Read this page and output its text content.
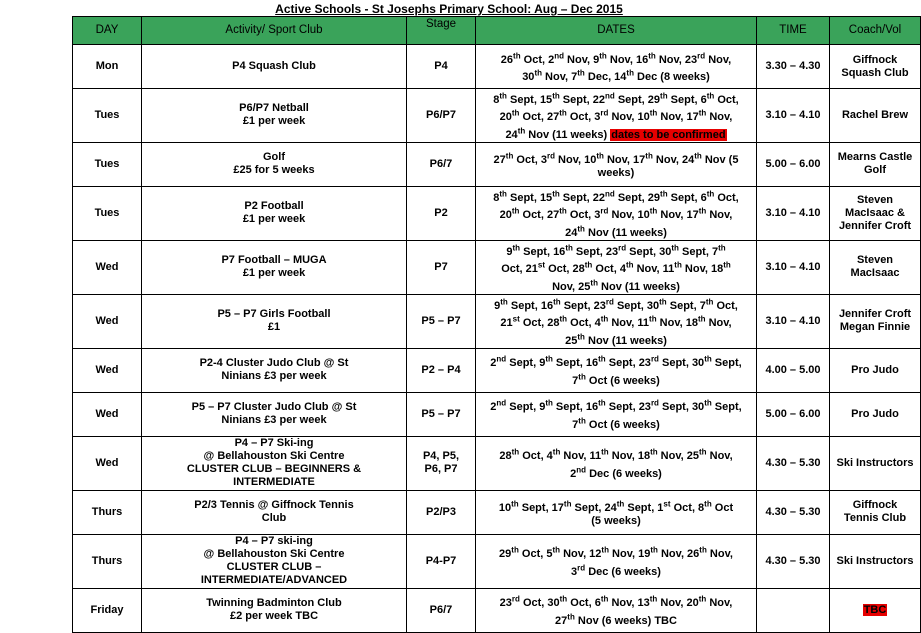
Active Schools - St Josephs Primary School: Aug – Dec 2015
DAY	Activity/ Sport Club	Stage	DATES	TIME	Coach/Vol
Mon	P4 Squash Club	P4	26th Oct, 2nd Nov, 9th Nov, 16th Nov, 23rd Nov,
30th Nov, 7th Dec, 14th Dec (8 weeks)	3.30 – 4.30	Giffnock
Squash Club
Tues	P6/P7 Netball
£1 per week	P6/P7	8th Sept, 15th Sept, 22nd Sept, 29th Sept, 6th Oct,
20th Oct, 27th Oct, 3rd Nov, 10th Nov, 17th Nov,
24th Nov (11 weeks) dates to be confirmed	3.10 – 4.10	Rachel Brew
Tues	Golf
£25 for 5 weeks	P6/7	27th Oct, 3rd Nov, 10th Nov, 17th Nov, 24th Nov (5
weeks)	5.00 – 6.00	Mearns Castle
Golf
Tues	P2 Football
£1 per week	P2	8th Sept, 15th Sept, 22nd Sept, 29th Sept, 6th Oct,
20th Oct, 27th Oct, 3rd Nov, 10th Nov, 17th Nov,
24th Nov (11 weeks)	3.10 – 4.10	Steven
MacIsaac &
Jennifer Croft
Wed	P7 Football – MUGA
£1 per week	P7	9th Sept, 16th Sept, 23rd Sept, 30th Sept, 7th
Oct, 21st Oct, 28th Oct, 4th Nov, 11th Nov, 18th
Nov, 25th Nov (11 weeks)	3.10 – 4.10	Steven
MacIsaac
Wed	P5 – P7 Girls Football
£1	P5 – P7	9th Sept, 16th Sept, 23rd Sept, 30th Sept, 7th Oct,
21st Oct, 28th Oct, 4th Nov, 11th Nov, 18th Nov,
25th Nov (11 weeks)	3.10 – 4.10	Jennifer Croft
Megan Finnie
Wed	P2-4 Cluster Judo Club @ St
Ninians £3 per week	P2 – P4	2nd Sept, 9th Sept, 16th Sept, 23rd Sept, 30th Sept,
7th Oct (6 weeks)	4.00 – 5.00	Pro Judo
Wed	P5 – P7 Cluster Judo Club @ St
Ninians £3 per week	P5 – P7	2nd Sept, 9th Sept, 16th Sept, 23rd Sept, 30th Sept,
7th Oct (6 weeks)	5.00 – 6.00	Pro Judo
Wed	P4 – P7 Ski-ing
@ Bellahouston Ski Centre
CLUSTER CLUB – BEGINNERS &
INTERMEDIATE	P4, P5,
P6, P7	28th Oct, 4th Nov, 11th Nov, 18th Nov, 25th Nov,
2nd Dec (6 weeks)	4.30 – 5.30	Ski Instructors
Thurs	P2/3 Tennis @ Giffnock Tennis
Club	P2/P3	10th Sept, 17th Sept, 24th Sept, 1st Oct, 8th Oct
(5 weeks)	4.30 – 5.30	Giffnock
Tennis Club
Thurs	P4 – P7 ski-ing
@ Bellahouston Ski Centre
CLUSTER CLUB –
INTERMEDIATE/ADVANCED	P4-P7	29th Oct, 5th Nov, 12th Nov, 19th Nov, 26th Nov,
3rd Dec (6 weeks)	4.30 – 5.30	Ski Instructors
Friday	Twinning Badminton Club
£2 per week TBC	P6/7	23rd Oct, 30th Oct, 6th Nov, 13th Nov, 20th Nov,
27th Nov (6 weeks) TBC		TBC
